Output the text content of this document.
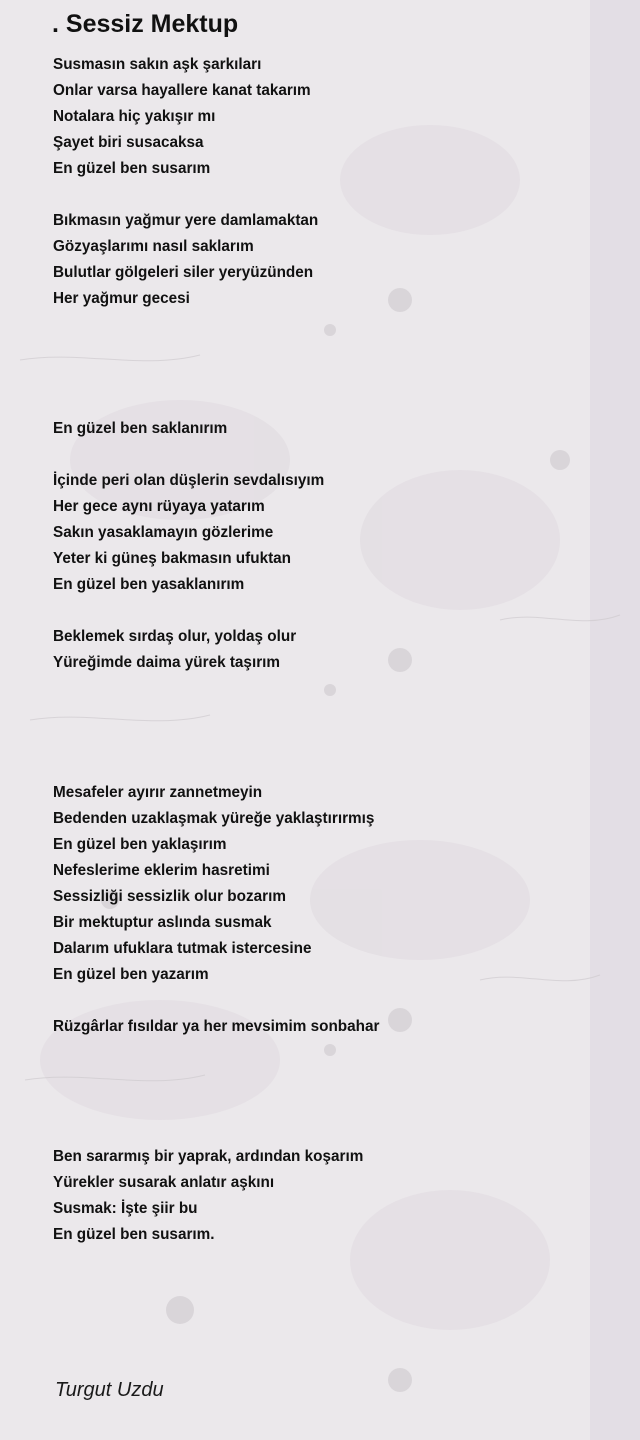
. Sessiz Mektup
Susmasın sakın aşk şarkıları
Onlar varsa hayallere kanat takarım
Notalara hiç yakışır mı
Şayet biri susacaksa
En güzel ben susarım
Bıkmasın yağmur yere damlamaktan
Gözyaşlarımı nasıl saklarım
Bulutlar gölgeleri siler yeryüzünden
Her yağmur gecesi
En güzel ben saklanırım
İçinde peri olan düşlerin sevdalısıyım
Her gece aynı rüyaya yatarım
Sakın yasaklamayın gözlerime
Yeter ki güneş bakmasın ufuktan
En güzel ben yasaklanırım
Beklemek sırdaş olur, yoldaş olur
Yüreğimde daima yürek taşırım
Mesafeler ayırır zannetmeyin
Bedenden uzaklaşmak yüreğe yaklaştırırmış
En güzel ben yaklaşırım
Nefeslerime eklerim hasretimi
Sessizliği sessizlik olur bozarım
Bir mektuptur aslında susmak
Dalarım ufuklara tutmak istercesine
En güzel ben yazarım
Rüzgârlar fısıldar ya her mevsimim sonbahar
Ben sararmış bir yaprak, ardından koşarım
Yürekler susarak anlatır aşkını
Susmak: İşte şiir bu
En güzel ben susarım.
Turgut Uzdu
